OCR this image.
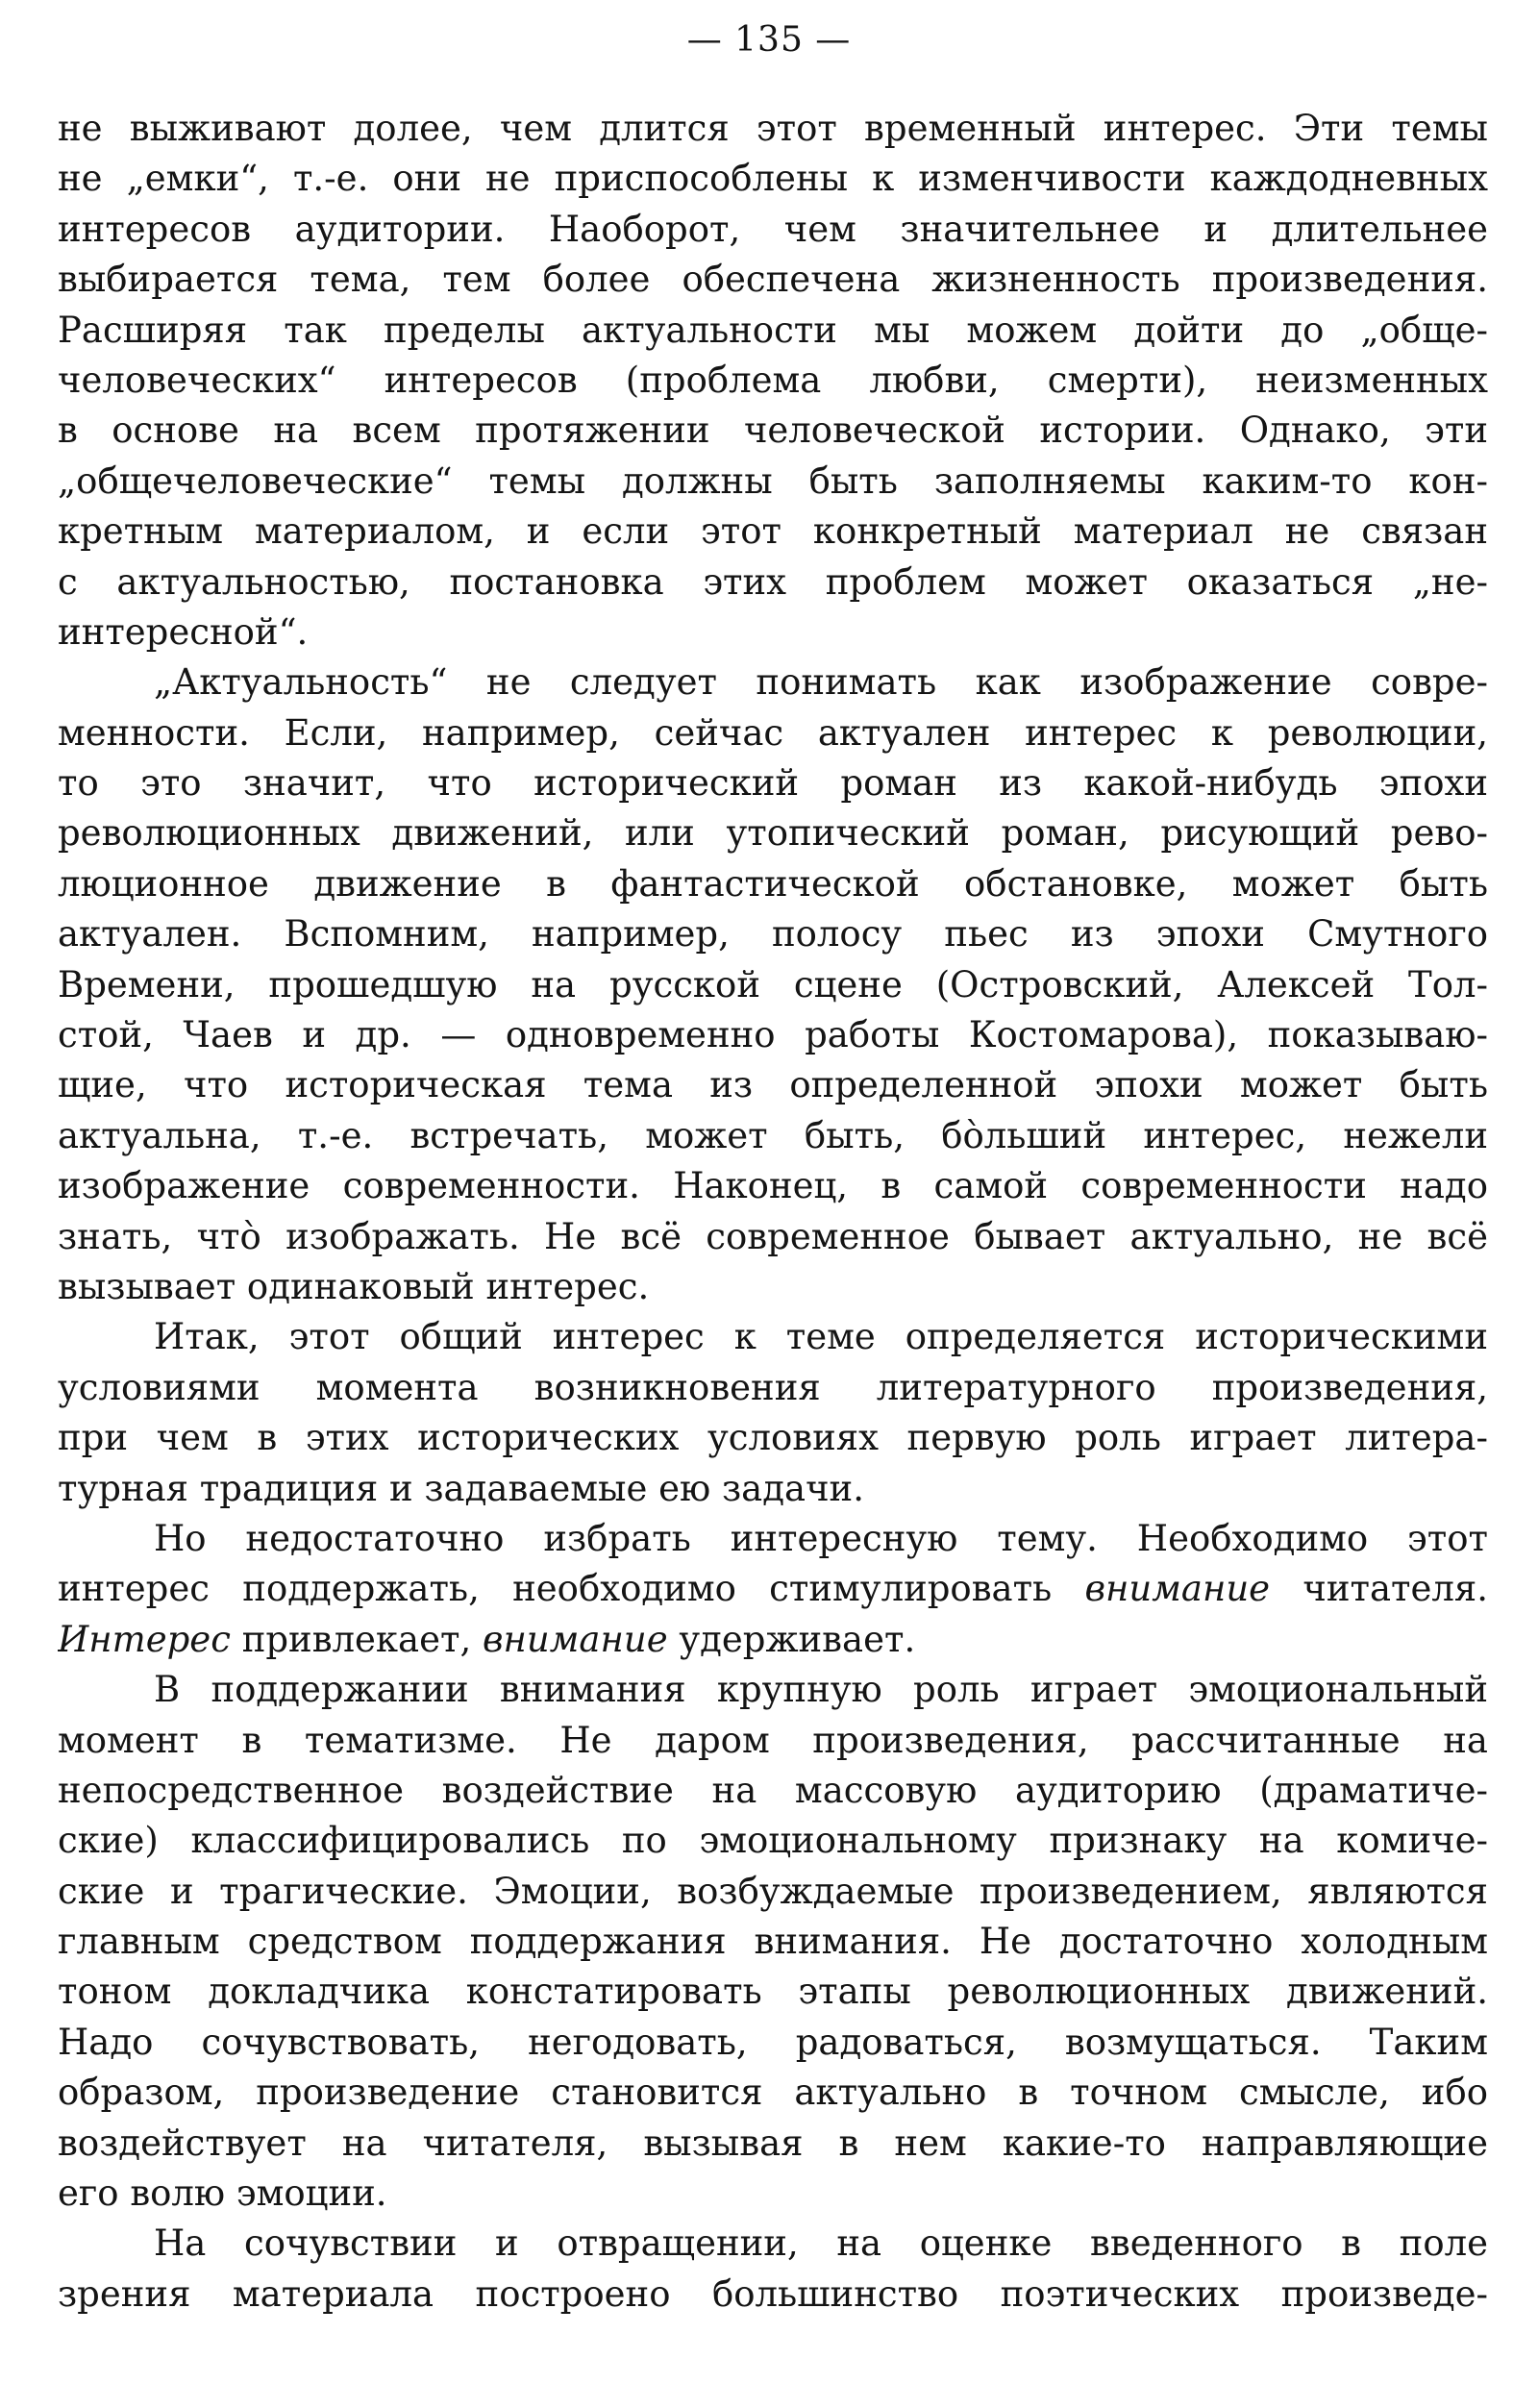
— 135 —
не выживают долее, чем длится этот временный интерес. Эти темы
не „емки“, т.-е. они не приспособлены к изменчивости каждодневных
интересов аудитории. Наоборот, чем значительнее и длительнее
выбирается тема, тем более обеспечена жизненность произведения.
Расширяя так пределы актуальности мы можем дойти до „обще-
человеческих“ интересов (проблема любви, смерти), неизменных
в основе на всем протяжении человеческой истории. Однако, эти
„общечеловеческие“ темы должны быть заполняемы каким-то кон-
кретным материалом, и если этот конкретный материал не связан
с актуальностью, постановка этих проблем может оказаться „не-
интересной“.
„Актуальность“ не следует понимать как изображение совре-
менности. Если, например, сейчас актуален интерес к революции,
то это значит, что исторический роман из какой-нибудь эпохи
революционных движений, или утопический роман, рисующий рево-
люционное движение в фантастической обстановке, может быть
актуален. Вспомним, например, полосу пьес из эпохи Смутного
Времени, прошедшую на русской сцене (Островский, Алексей Тол-
стой, Чаев и др. — одновременно работы Костомарова), показываю-
щие, что историческая тема из определенной эпохи может быть
актуальна, т.-е. встречать, может быть, бо̀льший интерес, нежели
изображение современности. Наконец, в самой современности надо
знать, что̀ изображать. Не всё современное бывает актуально, не всё
вызывает одинаковый интерес.
Итак, этот общий интерес к теме определяется историческими
условиями момента возникновения литературного произведения,
при чем в этих исторических условиях первую роль играет литера-
турная традиция и задаваемые ею задачи.
Но недостаточно избрать интересную тему. Необходимо этот
интерес поддержать, необходимо стимулировать внимание читателя.
Интерес привлекает, внимание удерживает.
В поддержании внимания крупную роль играет эмоциональный
момент в тематизме. Не даром произведения, рассчитанные на
непосредственное воздействие на массовую аудиторию (драматиче-
ские) классифицировались по эмоциональному признаку на комиче-
ские и трагические. Эмоции, возбуждаемые произведением, являются
главным средством поддержания внимания. Не достаточно холодным
тоном докладчика констатировать этапы революционных движений.
Надо сочувствовать, негодовать, радоваться, возмущаться. Таким
образом, произведение становится актуально в точном смысле, ибо
воздействует на читателя, вызывая в нем какие-то направляющие
его волю эмоции.
На сочувствии и отвращении, на оценке введенного в поле
зрения материала построено большинство поэтических произведе-
